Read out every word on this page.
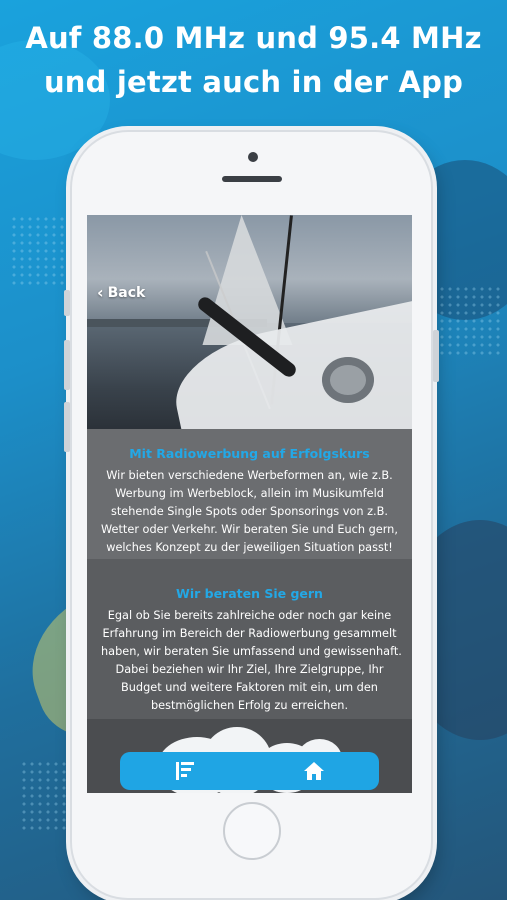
Auf 88.0 MHz und 95.4 MHz
und jetzt auch in der App
‹ Back
Mit Radiowerbung auf Erfolgskurs
Wir bieten verschiedene Werbeformen an, wie z.B.
Werbung im Werbeblock, allein im Musikumfeld
stehende Single Spots oder Sponsorings von z.B.
Wetter oder Verkehr. Wir beraten Sie und Euch gern,
welches Konzept zu der jeweiligen Situation passt!
Wir beraten Sie gern
Egal ob Sie bereits zahlreiche oder noch gar keine
Erfahrung im Bereich der Radiowerbung gesammelt
haben, wir beraten Sie umfassend und gewissenhaft.
Dabei beziehen wir Ihr Ziel, Ihre Zielgruppe, Ihr
Budget und weitere Faktoren mit ein, um den
bestmöglichen Erfolg zu erreichen.
